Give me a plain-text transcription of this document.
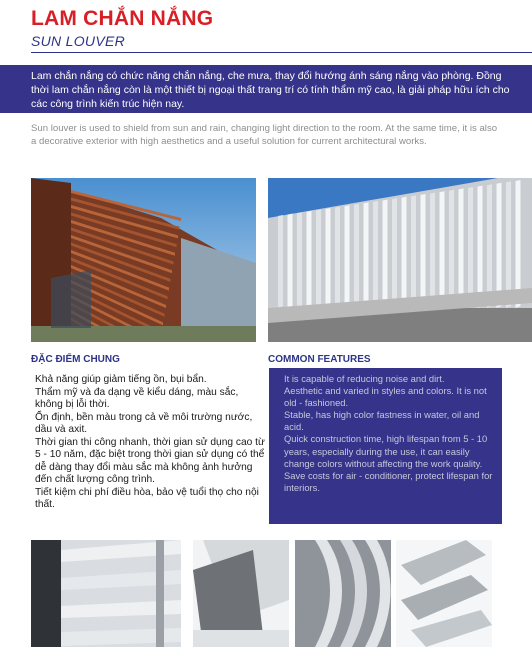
LAM CHẮN NẮNG
SUN LOUVER
Lam chắn nắng có chức năng chắn nắng, che mưa, thay đổi hướng ánh sáng nắng vào phòng. Đồng thời lam chắn nắng còn là một thiết bị ngoại thất trang trí có tính thẩm mỹ cao, là giải pháp hữu ích cho các công trình kiến trúc hiện nay.
Sun louver is used to shield from sun and rain, changing light direction to the room. At the same time, it is also a decorative exterior with high aesthetics and a useful solution for current architectural works.
ĐẶC ĐIỂM CHUNG	COMMON FEATURES

Khả năng giúp giảm tiếng ồn, bụi bẩn.

Thẩm mỹ và đa dạng về kiểu dáng, màu sắc, không bị lỗi thời.

Ổn định, bền màu trong cả về môi trường nước, dầu và axit.

Thời gian thi công nhanh, thời gian sử dụng cao từ 5 - 10 năm, đặc biệt trong thời gian sử dụng có thể dễ dàng thay đổi màu sắc mà không ảnh hưởng đến chất lượng công trình.

Tiết kiệm chi phí điều hòa, bảo vệ tuổi thọ cho nội thất.

It is capable of reducing noise and dirt.

Aesthetic and varied in styles and colors. It is not old - fashioned.

Stable, has high color fastness in water, oil and acid.

Quick construction time, high lifespan from 5 - 10 years, especially during the use, it can easily change colors without affecting the work quality.

Save costs for air - conditioner, protect lifespan for interiors.
